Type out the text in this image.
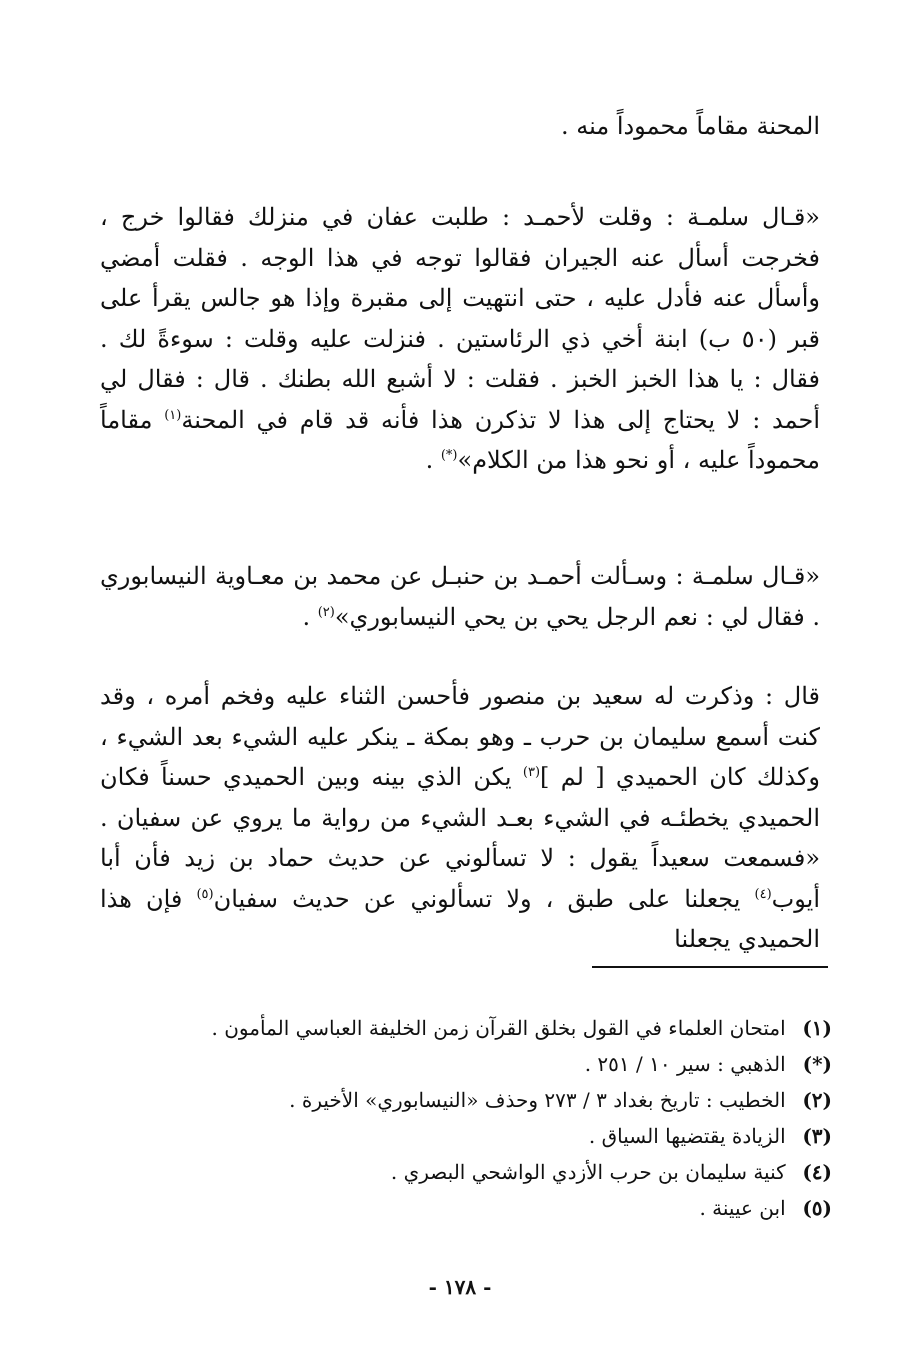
المحنة مقاماً محموداً منه .

«قـال سلمـة : وقلت لأحمـد : طلبت عفان في منزلك فقالوا خرج ، فخرجت أسأل عنه الجيران فقالوا توجه في هذا الوجه . فقلت أمضي وأسأل عنه فأدل عليه ، حتى انتهيت إلى مقبرة وإذا هو جالس يقرأ على قبر (٥٠ ب) ابنة أخي ذي الرئاستين . فنزلت عليه وقلت : سوءةً لك . فقال : يا هذا الخبز الخبز . فقلت : لا أشبع الله بطنك . قال : فقال لي أحمد : لا يحتاج إلى هذا لا تذكرن هذا فأنه قد قام في المحنة$^{(١)}$ مقاماً محموداً عليه ، أو نحو هذا من الكلام»(*) .

«قـال سلمـة : وسـألت أحمـد بن حنبـل عن محمد بن معـاوية النيسابوري . فقال لي : نعم الرجل يحي بن يحي النيسابوري»$^{(٢)}$ .

قال : وذكرت له سعيد بن منصور فأحسن الثناء عليه وفخم أمره ، وقد كنت أسمع سليمان بن حرب ـ وهو بمكة ـ ينكر عليه الشيء بعد الشيء ، وكذلك كان الحميدي [ لم ]$^{(٣)}$ يكن الذي بينه وبين الحميدي حسناً فكان الحميدي يخطئـه في الشيء بعـد الشيء من رواية ما يروي عن سفيان . «فسمعت سعيداً يقول : لا تسألوني عن حديث حماد بن زيد فأن أبا أيوب$^{(٤)}$ يجعلنا على طبق ، ولا تسألوني عن حديث سفيان$^{(٥)}$ فإن هذا الحميدي يجعلنا

(١) امتحان العلماء في القول بخلق القرآن زمن الخليفة العباسي المأمون .
(*) الذهبي : سير ١٠ / ٢٥١ .
(٢) الخطيب : تاريخ بغداد ٣ / ٢٧٣ وحذف «النيسابوري» الأخيرة .
(٣) الزيادة يقتضيها السياق .
(٤) كنية سليمان بن حرب الأزدي الواشحي البصري .
(٥) ابن عيينة .
- ١٧٨ -
